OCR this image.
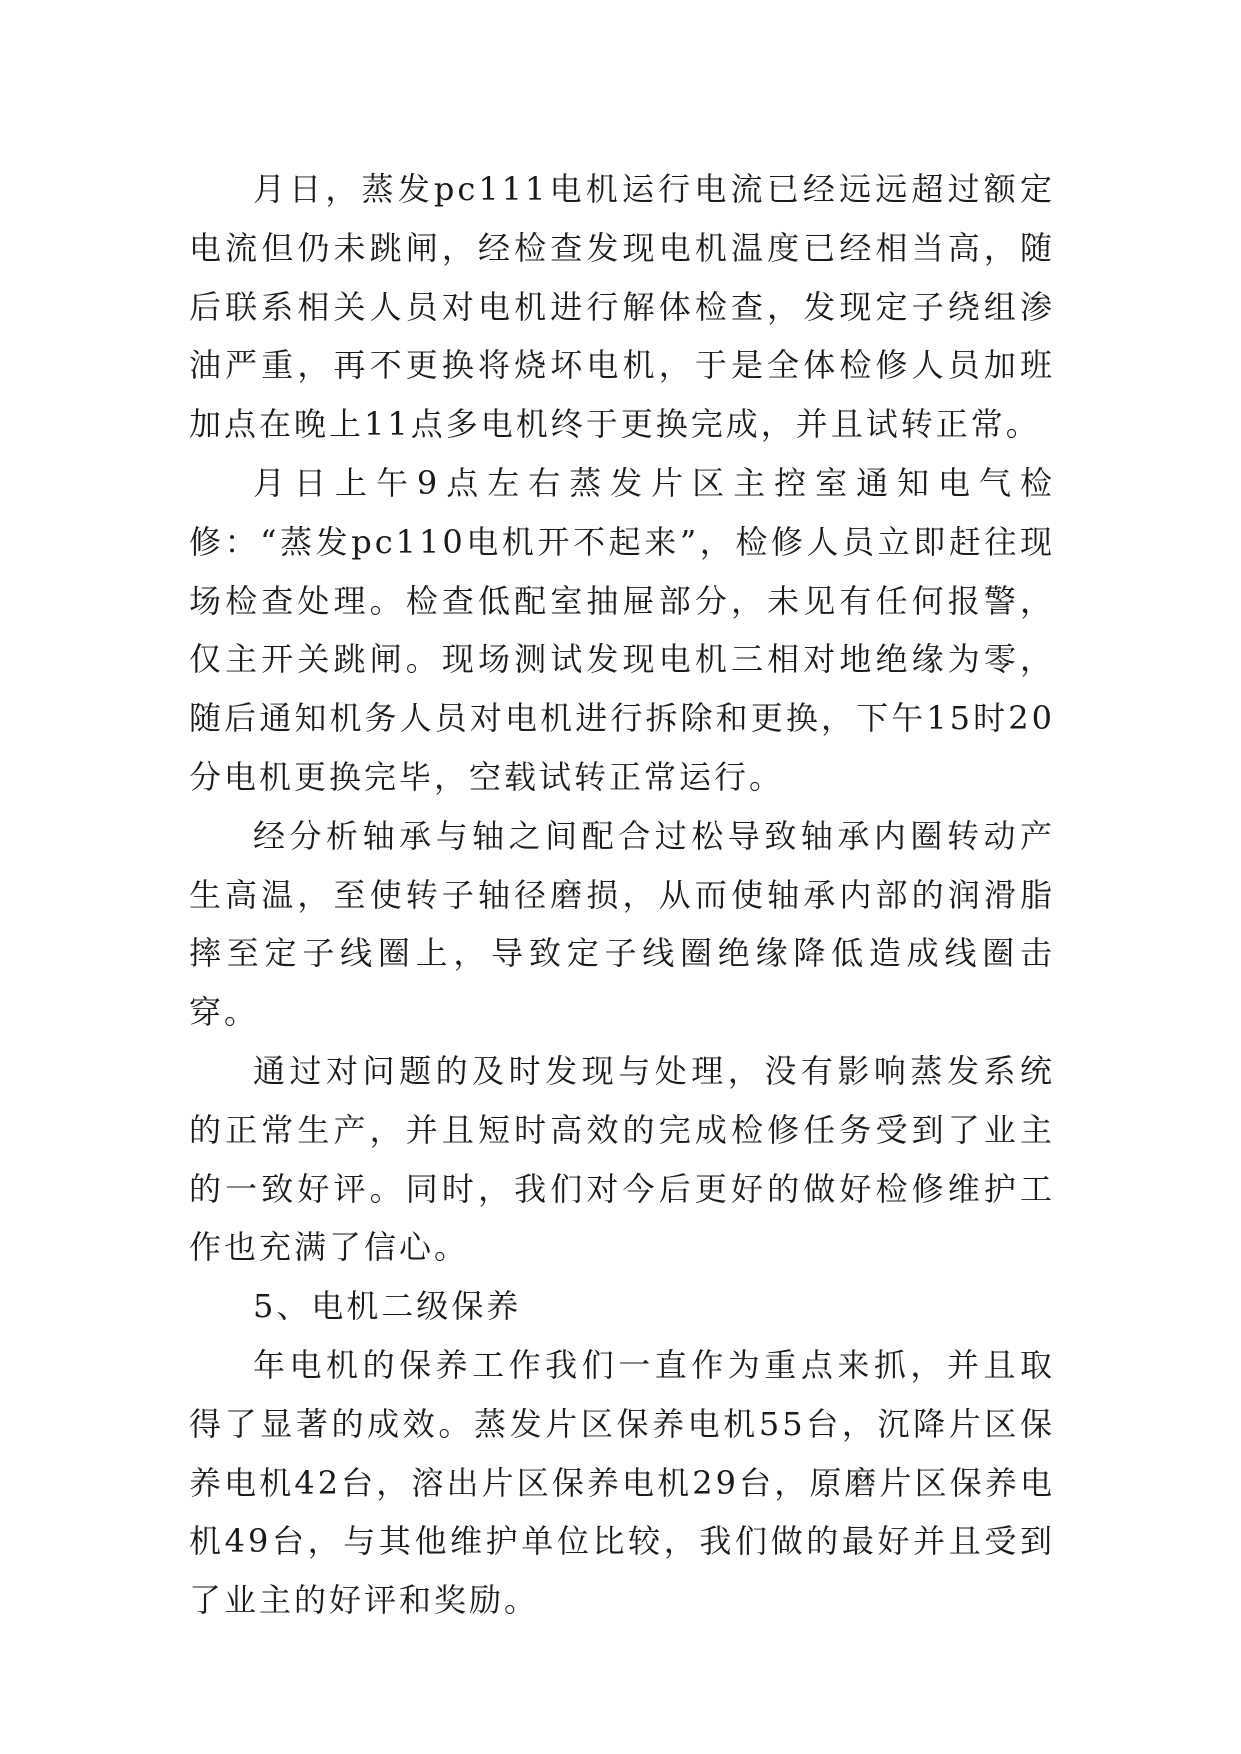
月日，蒸发pc111电机运行电流已经远远超过额定电流但仍未跳闸，经检查发现电机温度已经相当高，随后联系相关人员对电机进行解体检查，发现定子绕组渗油严重，再不更换将烧坏电机，于是全体检修人员加班加点在晚上11点多电机终于更换完成，并且试转正常。

月日上午9点左右蒸发片区主控室通知电气检修：“蒸发pc110电机开不起来”，检修人员立即赶往现场检查处理。检查低配室抽屉部分，未见有任何报警，仅主开关跳闸。现场测试发现电机三相对地绝缘为零，随后通知机务人员对电机进行拆除和更换，下午15时20分电机更换完毕，空载试转正常运行。

经分析轴承与轴之间配合过松导致轴承内圈转动产生高温，至使转子轴径磨损，从而使轴承内部的润滑脂摔至定子线圈上，导致定子线圈绝缘降低造成线圈击穿。

通过对问题的及时发现与处理，没有影响蒸发系统的正常生产，并且短时高效的完成检修任务受到了业主的一致好评。同时，我们对今后更好的做好检修维护工作也充满了信心。

5、电机二级保养

年电机的保养工作我们一直作为重点来抓，并且取得了显著的成效。蒸发片区保养电机55台，沉降片区保养电机42台，溶出片区保养电机29台，原磨片区保养电机49台，与其他维护单位比较，我们做的最好并且受到了业主的好评和奖励。
